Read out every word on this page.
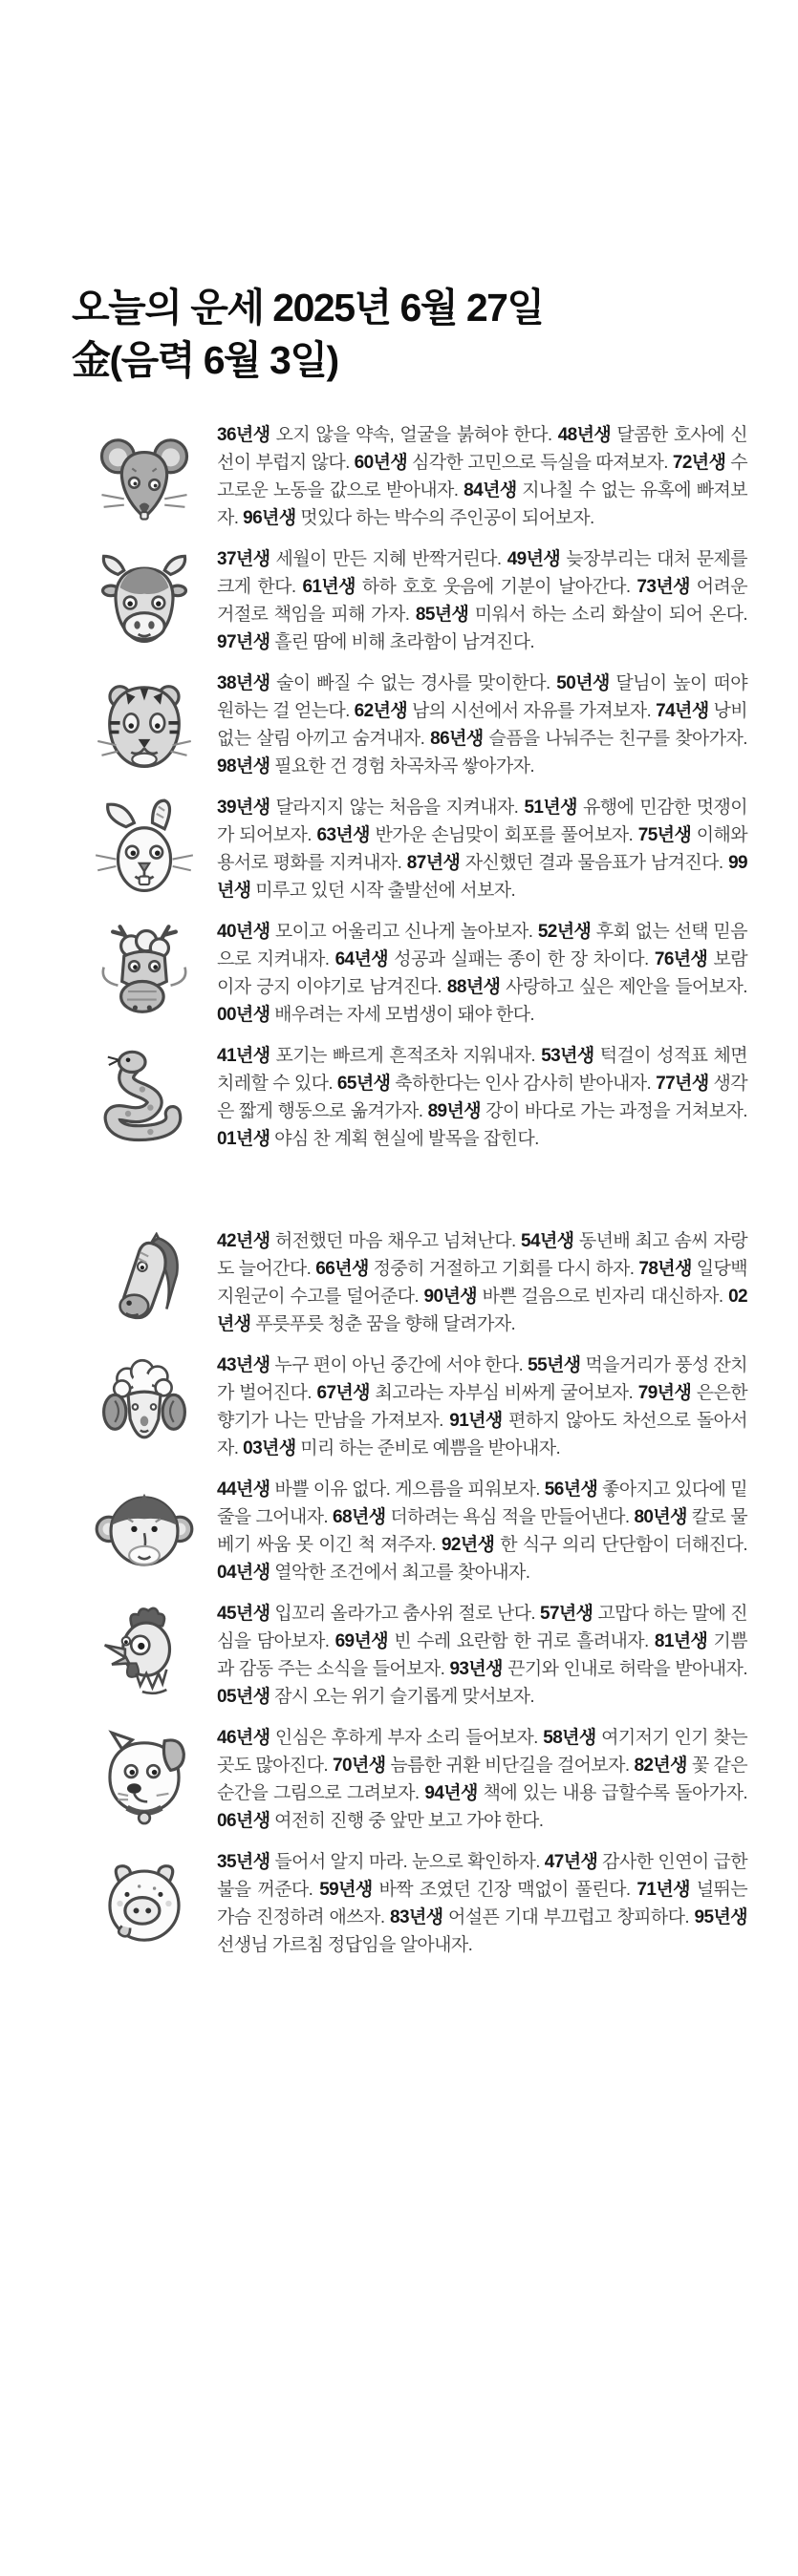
오늘의 운세 2025년 6월 27일
金(음력 6월 3일)

36년생 오지 않을 약속, 얼굴을 붉혀야 한다. 48년생 달콤한 호사에 신선이 부럽지 않다. 60년생 심각한 고민으로 득실을 따져보자. 72년생 수고로운 노동을 값으로 받아내자. 84년생 지나칠 수 없는 유혹에 빠져보자. 96년생 멋있다 하는 박수의 주인공이 되어보자.

37년생 세월이 만든 지혜 반짝거린다. 49년생 늦장부리는 대처 문제를 크게 한다. 61년생 하하 호호 웃음에 기분이 날아간다. 73년생 어려운 거절로 책임을 피해 가자. 85년생 미워서 하는 소리 화살이 되어 온다. 97년생 흘린 땀에 비해 초라함이 남겨진다.

38년생 술이 빠질 수 없는 경사를 맞이한다. 50년생 달님이 높이 떠야 원하는 걸 얻는다. 62년생 남의 시선에서 자유를 가져보자. 74년생 낭비 없는 살림 아끼고 숨겨내자. 86년생 슬픔을 나눠주는 친구를 찾아가자. 98년생 필요한 건 경험 차곡차곡 쌓아가자.

39년생 달라지지 않는 처음을 지켜내자. 51년생 유행에 민감한 멋쟁이가 되어보자. 63년생 반가운 손님맞이 회포를 풀어보자. 75년생 이해와 용서로 평화를 지켜내자. 87년생 자신했던 결과 물음표가 남겨진다. 99년생 미루고 있던 시작 출발선에 서보자.

40년생 모이고 어울리고 신나게 놀아보자. 52년생 후회 없는 선택 믿음으로 지켜내자. 64년생 성공과 실패는 종이 한 장 차이다. 76년생 보람이자 긍지 이야기로 남겨진다. 88년생 사랑하고 싶은 제안을 들어보자. 00년생 배우려는 자세 모범생이 돼야 한다.

41년생 포기는 빠르게 흔적조차 지워내자. 53년생 턱걸이 성적표 체면치레할 수 있다. 65년생 축하한다는 인사 감사히 받아내자. 77년생 생각은 짧게 행동으로 옮겨가자. 89년생 강이 바다로 가는 과정을 거쳐보자. 01년생 야심 찬 계획 현실에 발목을 잡힌다.

42년생 허전했던 마음 채우고 넘쳐난다. 54년생 동년배 최고 솜씨 자랑도 늘어간다. 66년생 정중히 거절하고 기회를 다시 하자. 78년생 일당백 지원군이 수고를 덜어준다. 90년생 바쁜 걸음으로 빈자리 대신하자. 02년생 푸릇푸릇 청춘 꿈을 향해 달려가자.

43년생 누구 편이 아닌 중간에 서야 한다. 55년생 먹을거리가 풍성 잔치가 벌어진다. 67년생 최고라는 자부심 비싸게 굴어보자. 79년생 은은한 향기가 나는 만남을 가져보자. 91년생 편하지 않아도 차선으로 돌아서자. 03년생 미리 하는 준비로 예쁨을 받아내자.

44년생 바쁠 이유 없다. 게으름을 피워보자. 56년생 좋아지고 있다에 밑줄을 그어내자. 68년생 더하려는 욕심 적을 만들어낸다. 80년생 칼로 물 베기 싸움 못 이긴 척 져주자. 92년생 한 식구 의리 단단함이 더해진다. 04년생 열악한 조건에서 최고를 찾아내자.

45년생 입꼬리 올라가고 춤사위 절로 난다. 57년생 고맙다 하는 말에 진심을 담아보자. 69년생 빈 수레 요란함 한 귀로 흘려내자. 81년생 기쁨과 감동 주는 소식을 들어보자. 93년생 끈기와 인내로 허락을 받아내자. 05년생 잠시 오는 위기 슬기롭게 맞서보자.

46년생 인심은 후하게 부자 소리 들어보자. 58년생 여기저기 인기 찾는 곳도 많아진다. 70년생 늠름한 귀환 비단길을 걸어보자. 82년생 꽃 같은 순간을 그림으로 그려보자. 94년생 책에 있는 내용 급할수록 돌아가자. 06년생 여전히 진행 중 앞만 보고 가야 한다.

35년생 들어서 알지 마라. 눈으로 확인하자. 47년생 감사한 인연이 급한 불을 꺼준다. 59년생 바짝 조였던 긴장 맥없이 풀린다. 71년생 널뛰는 가슴 진정하려 애쓰자. 83년생 어설픈 기대 부끄럽고 창피하다. 95년생 선생님 가르침 정답임을 알아내자.
